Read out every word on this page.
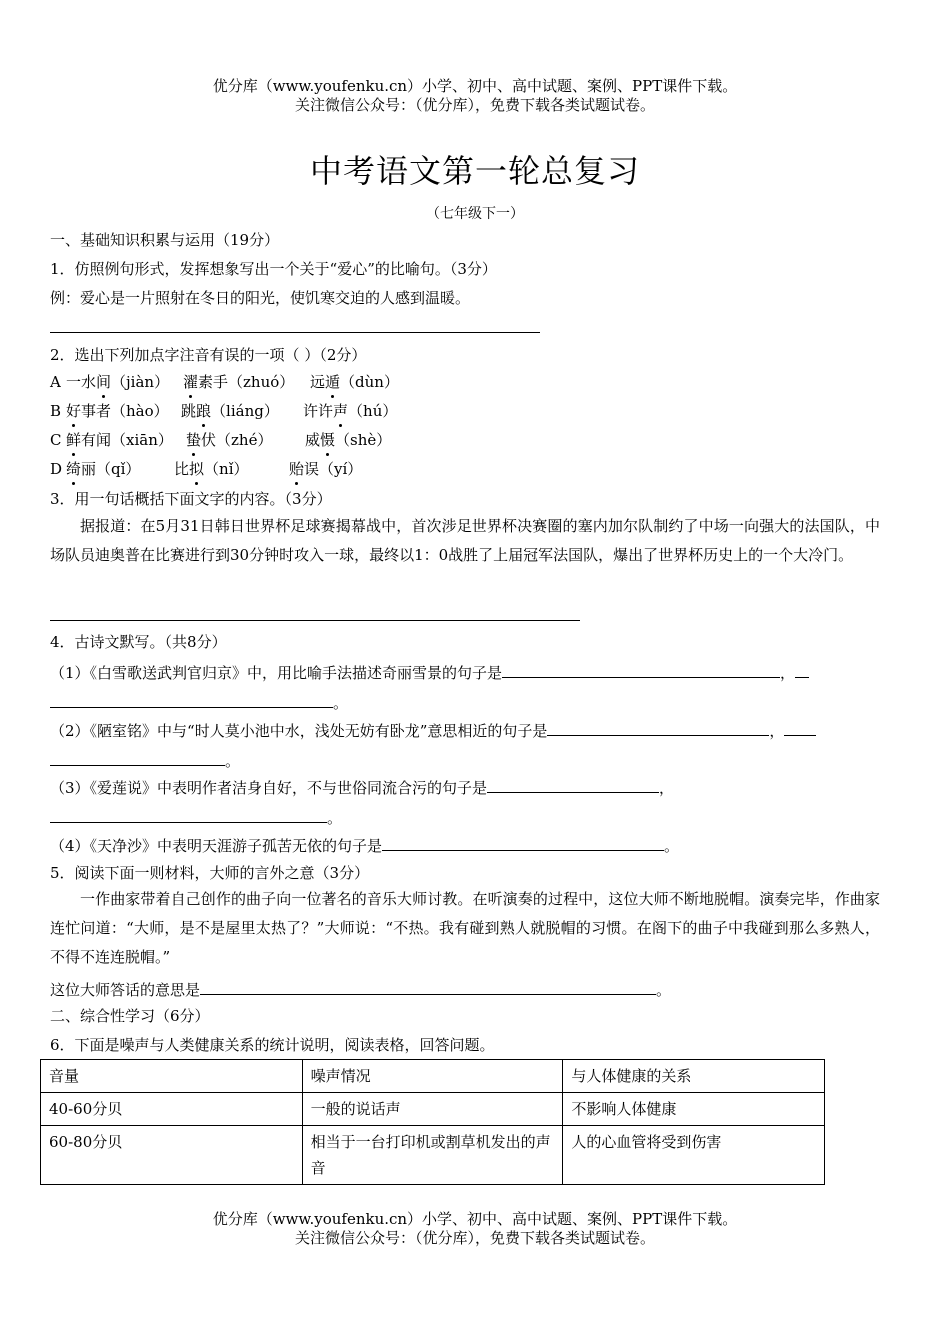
优分库（www.youfenku.cn）小学、初中、高中试题、案例、PPT课件下载。
关注微信公众号：（优分库），免费下载各类试题试卷。
中考语文第一轮总复习
（七年级下一）
一、基础知识积累与运用（19分）
1．仿照例句形式，发挥想象写出一个关于“爱心”的比喻句。（3分）
例：爱心是一片照射在冬日的阳光，使饥寒交迫的人感到温暖。
2．选出下列加点字注音有误的一项（ ）（2分）
A 一水间（jiàn） 濯素手（zhuó） 远遁（dùn）
B 好事者（hào） 跳踉（liáng） 许许声（hú）
C 鲜有闻（xiān） 蛰伏（zhé） 威慑（shè）
D 绮丽（qǐ） 比拟（nǐ）	贻误（yí）
3．用一句话概括下面文字的内容。（3分）
据报道：在5月31日韩日世界杯足球赛揭幕战中，首次涉足世界杯决赛圈的塞内加尔队制约了中场一向强大的法国队，中场队员迪奥普在比赛进行到30分钟时攻入一球，最终以1：0战胜了上届冠军法国队，爆出了世界杯历史上的一个大冷门。
4．古诗文默写。（共8分）
（1）《白雪歌送武判官归京》中，用比喻手法描述奇丽雪景的句子是	，
。
（2）《陋室铭》中与“时人莫小池中水，浅处无妨有卧龙”意思相近的句子是	，
。
（3）《爱莲说》中表明作者洁身自好，不与世俗同流合污的句子是	，
。
（4）《天净沙》中表明天涯游子孤苦无依的句子是	。
5．阅读下面一则材料，大师的言外之意（3分）
一作曲家带着自己创作的曲子向一位著名的音乐大师讨教。在听演奏的过程中，这位大师不断地脱帽。演奏完毕，作曲家连忙问道：“大师，是不是屋里太热了？”大师说：“不热。我有碰到熟人就脱帽的习惯。在阁下的曲子中我碰到那么多熟人，不得不连连脱帽。”
这位大师答话的意思是	。
二、综合性学习（6分）
6．下面是噪声与人类健康关系的统计说明，阅读表格，回答问题。
音量	噪声情况	与人体健康的关系
40-60分贝	一般的说话声	不影响人体健康
60-80分贝	相当于一台打印机或割草机发出的声音	人的心血管将受到伤害
优分库（www.youfenku.cn）小学、初中、高中试题、案例、PPT课件下载。
关注微信公众号：（优分库），免费下载各类试题试卷。
